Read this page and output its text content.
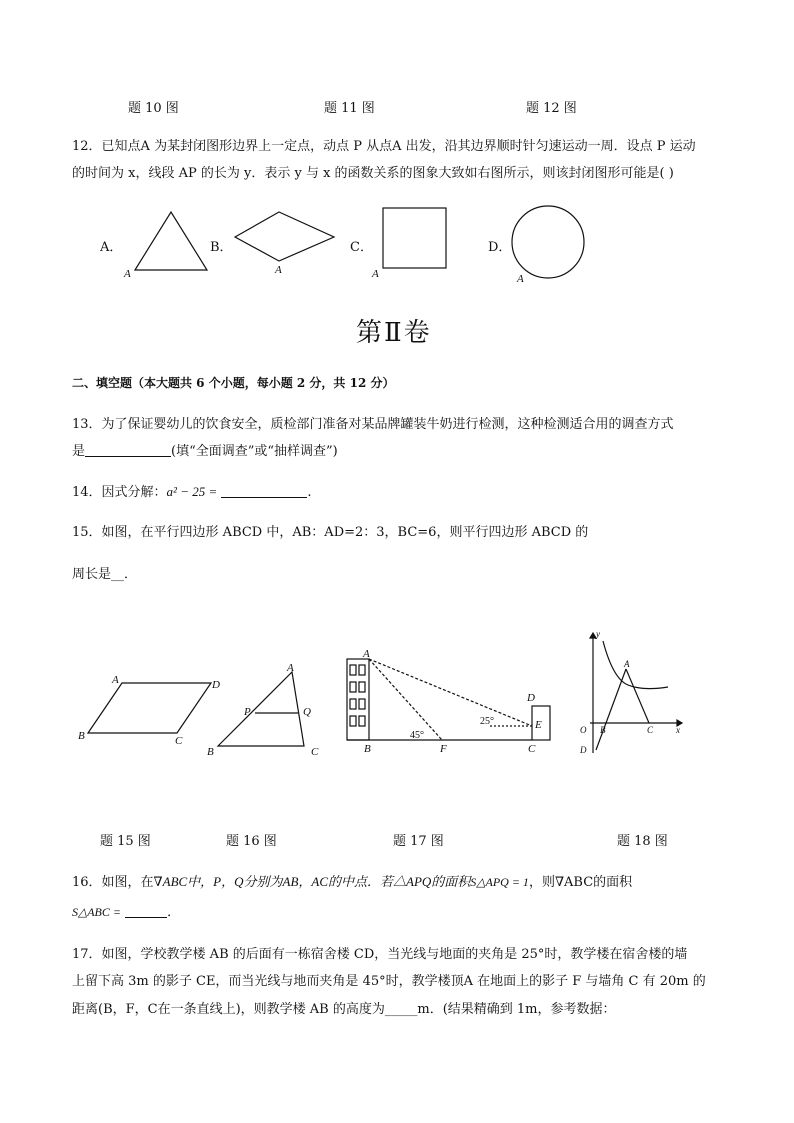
题 10 图	题 11 图	题 12 图
12．已知点A 为某封闭图形边界上一定点，动点 P 从点A 出发，沿其边界顺时针匀速运动一周．设点 P 运动
的时间为 x，线段 AP 的长为 y．表示 y 与 x 的函数关系的图象大致如右图所示，则该封闭图形可能是( )
A．	B．	C．	D．
A	A	A	A
第Ⅱ卷
二、填空题（本大题共 6 个小题，每小题 2 分，共 12 分）
13．为了保证婴幼儿的饮食安全，质检部门准备对某品牌罐装牛奶进行检测，这种检测适合用的调查方式
是	(填“全面调查”或“抽样调查”)
14．因式分解：a² − 25 =	.
15．如图，在平行四边形 ABCD 中，AB：AD=2：3，BC=6，则平行四边形 ABCD 的
周长是__．
A	D
B	C
A
P	Q
B	C
A
D
E
B	F	C
45°
25°
y
A
O B	C	x
D
题 15 图	题 16 图	题 17 图	题 18 图
16．如图，在∇ABC中，P，Q分别为AB，AC的中点．若△APQ的面积S△APQ = 1，则∇ABC的面积
S△ABC =	．
17．如图，学校教学楼 AB 的后面有一栋宿舍楼 CD，当光线与地面的夹角是 25°时，教学楼在宿舍楼的墙
上留下高 3m 的影子 CE，而当光线与地而夹角是 45°时，教学楼顶A 在地面上的影子 F 与墙角 C 有 20m 的
距离(B，F，C在一条直线上)，则教学楼 AB 的高度为_____m．(结果精确到 1m，参考数据：
